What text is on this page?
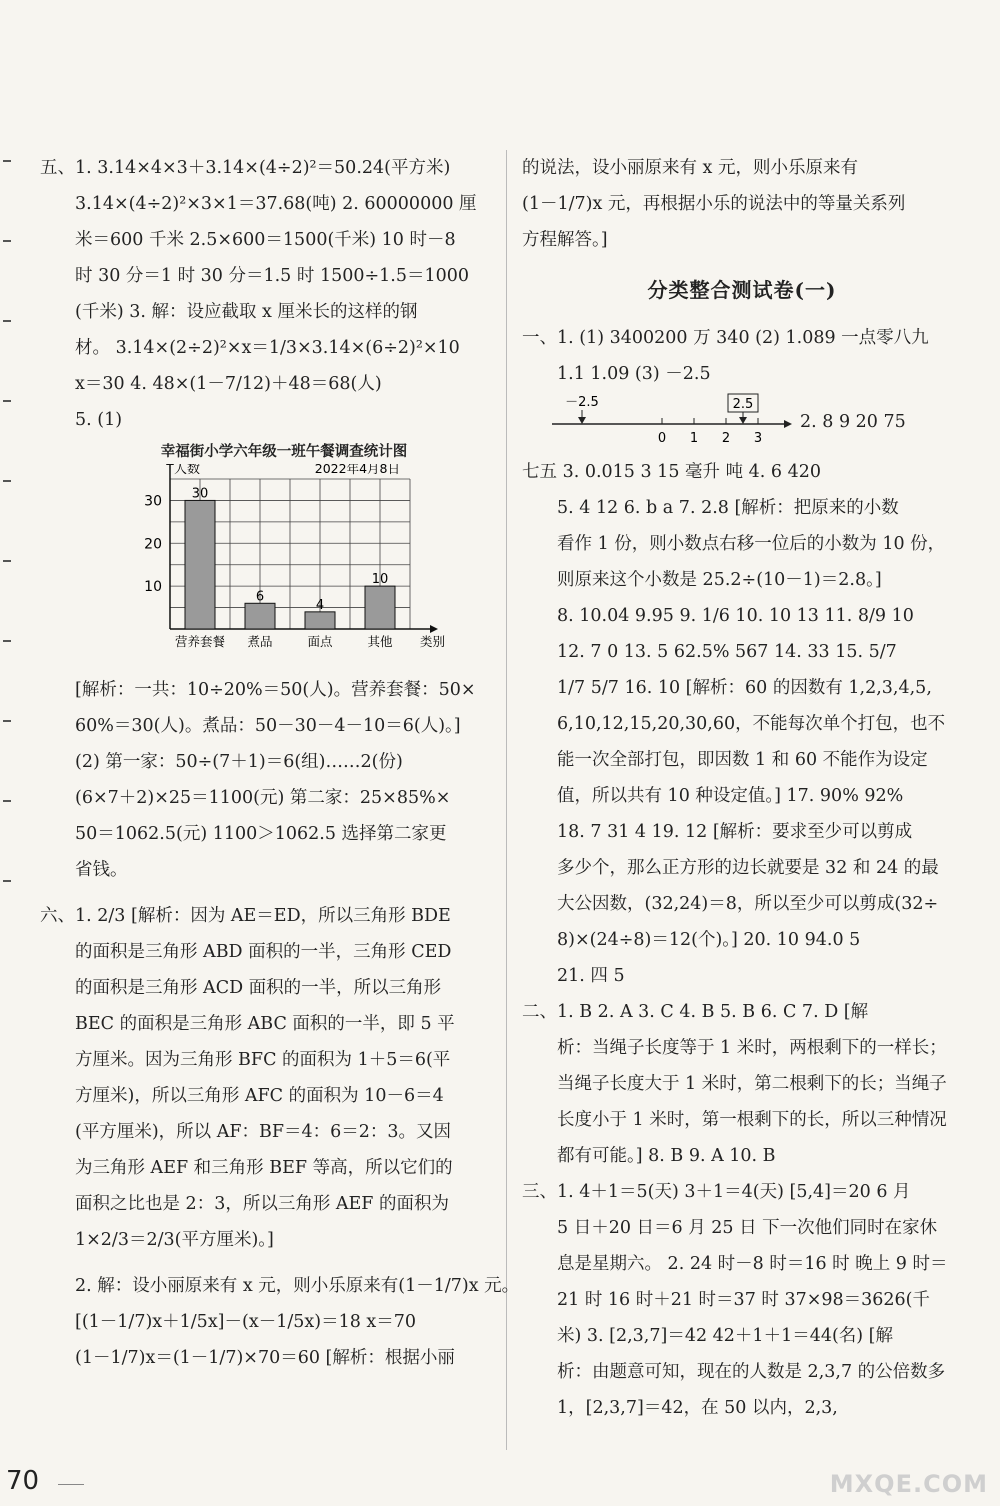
五、1. 3.14×4×3＋3.14×(4÷2)²＝50.24(平方米)
3.14×(4÷2)²×3×1＝37.68(吨) 2. 60000000 厘
米＝600 千米 2.5×600＝1500(千米) 10 时－8
时 30 分＝1 时 30 分＝1.5 时 1500÷1.5＝1000
(千米) 3. 解：设应截取 x 厘米长的这样的钢
材。 3.14×(2÷2)²×x＝1/3×3.14×(6÷2)²×10
x＝30 4. 48×(1－7/12)＋48＝68(人)
5. (1)
幸福街小学六年级一班午餐调查统计图
人数	2022年4月8日
10
20
30 30
营养套餐
6
煮品
4
面点
10
其他 类别
[解析：一共：10÷20%＝50(人)。营养套餐：50×
60%＝30(人)。煮品：50－30－4－10＝6(人)。]
(2) 第一家：50÷(7＋1)＝6(组)……2(份)
(6×7＋2)×25＝1100(元) 第二家：25×85%×
50＝1062.5(元) 1100＞1062.5 选择第二家更
省钱。
六、1. 2/3 [解析：因为 AE＝ED，所以三角形 BDE
的面积是三角形 ABD 面积的一半，三角形 CED
的面积是三角形 ACD 面积的一半，所以三角形
BEC 的面积是三角形 ABC 面积的一半，即 5 平
方厘米。因为三角形 BFC 的面积为 1＋5＝6(平
方厘米)，所以三角形 AFC 的面积为 10－6＝4
(平方厘米)，所以 AF：BF＝4：6＝2：3。又因
为三角形 AEF 和三角形 BEF 等高，所以它们的
面积之比也是 2：3，所以三角形 AEF 的面积为
1×2/3＝2/3(平方厘米)。]
2. 解：设小丽原来有 x 元，则小乐原来有(1－1/7)x 元。
[(1－1/7)x＋1/5x]－(x－1/5x)＝18 x＝70
(1－1/7)x＝(1－1/7)×70＝60 [解析：根据小丽
的说法，设小丽原来有 x 元，则小乐原来有
(1－1/7)x 元，再根据小乐的说法中的等量关系列
方程解答。]
分类整合测试卷(一)
一、1. (1) 3400200 万 340 (2) 1.089 一点零八九
1.1 1.09 (3) －2.5
0 1 2 3
－2.5	2.5
2. 8 9 20 75
七五 3. 0.015 3 15 毫升 吨 4. 6 420
5. 4 12 6. b a 7. 2.8 [解析：把原来的小数
看作 1 份，则小数点右移一位后的小数为 10 份，
则原来这个小数是 25.2÷(10－1)＝2.8。]
8. 10.04 9.95 9. 1/6 10. 10 13 11. 8/9 10
12. 7 0 13. 5 62.5% 567 14. 33 15. 5/7
1/7 5/7 16. 10 [解析：60 的因数有 1,2,3,4,5,
6,10,12,15,20,30,60，不能每次单个打包，也不
能一次全部打包，即因数 1 和 60 不能作为设定
值，所以共有 10 种设定值。] 17. 90% 92%
18. 7 31 4 19. 12 [解析：要求至少可以剪成
多少个，那么正方形的边长就要是 32 和 24 的最
大公因数，(32,24)＝8，所以至少可以剪成(32÷
8)×(24÷8)＝12(个)。] 20. 10 94.0 5
21. 四 5
二、1. B 2. A 3. C 4. B 5. B 6. C 7. D [解
析：当绳子长度等于 1 米时，两根剩下的一样长；
当绳子长度大于 1 米时，第二根剩下的长；当绳子
长度小于 1 米时，第一根剩下的长，所以三种情况
都有可能。] 8. B 9. A 10. B
三、1. 4＋1＝5(天) 3＋1＝4(天) [5,4]＝20 6 月
5 日＋20 日＝6 月 25 日 下一次他们同时在家休
息是星期六。 2. 24 时－8 时＝16 时 晚上 9 时＝
21 时 16 时＋21 时＝37 时 37×98＝3626(千
米) 3. [2,3,7]＝42 42＋1＋1＝44(名) [解
析：由题意可知，现在的人数是 2,3,7 的公倍数多
1，[2,3,7]＝42，在 50 以内，2,3,
70	MXQE.COM
